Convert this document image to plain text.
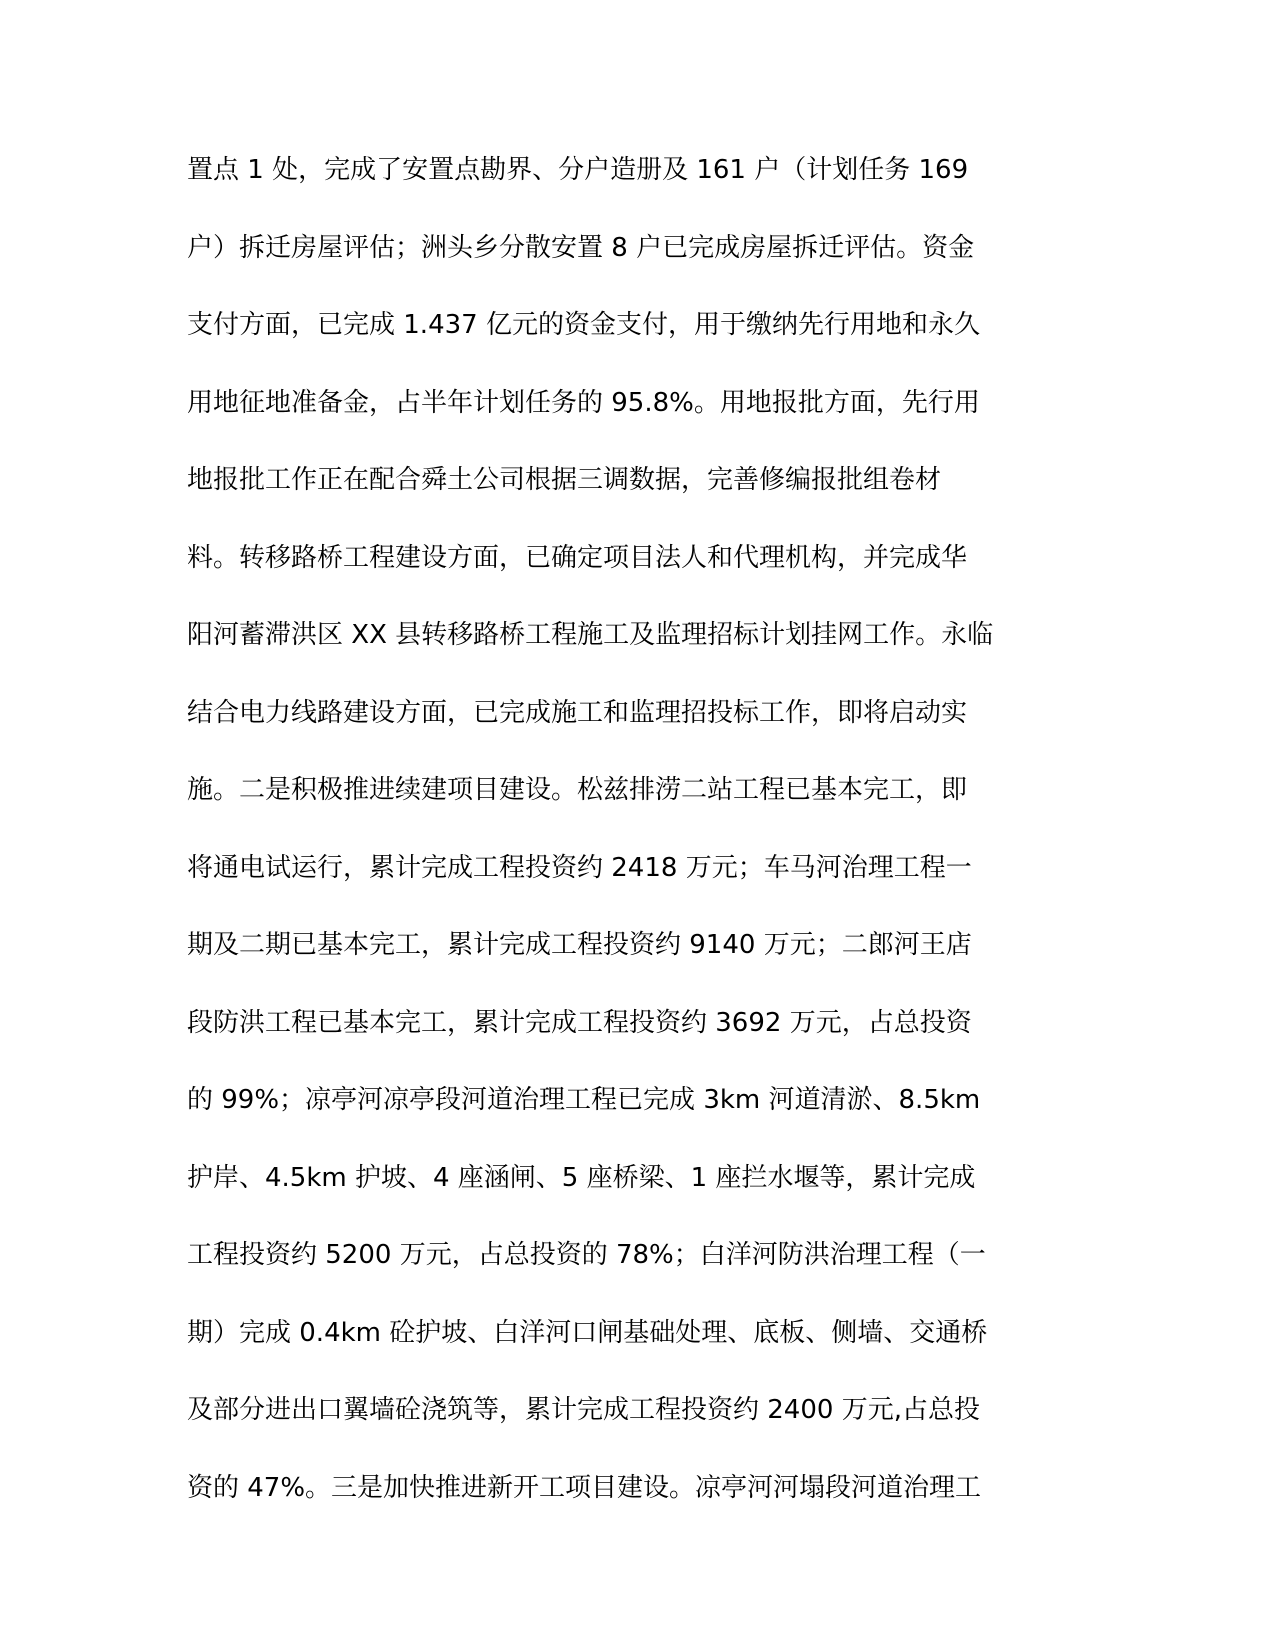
置点 1 处，完成了安置点勘界、分户造册及 161 户（计划任务 169
户）拆迁房屋评估；洲头乡分散安置 8 户已完成房屋拆迁评估。资金
支付方面，已完成 1.437 亿元的资金支付，用于缴纳先行用地和永久
用地征地准备金，占半年计划任务的 95.8%。用地报批方面，先行用
地报批工作正在配合舜土公司根据三调数据，完善修编报批组卷材
料。转移路桥工程建设方面，已确定项目法人和代理机构，并完成华
阳河蓄滞洪区 XX 县转移路桥工程施工及监理招标计划挂网工作。永临
结合电力线路建设方面，已完成施工和监理招投标工作，即将启动实
施。二是积极推进续建项目建设。松兹排涝二站工程已基本完工，即
将通电试运行，累计完成工程投资约 2418 万元；车马河治理工程一
期及二期已基本完工，累计完成工程投资约 9140 万元；二郎河王店
段防洪工程已基本完工，累计完成工程投资约 3692 万元，占总投资
的 99%；凉亭河凉亭段河道治理工程已完成 3km 河道清淤、8.5km
护岸、4.5km 护坡、4 座涵闸、5 座桥梁、1 座拦水堰等，累计完成
工程投资约 5200 万元，占总投资的 78%；白洋河防洪治理工程（一
期）完成 0.4km 砼护坡、白洋河口闸基础处理、底板、侧墙、交通桥
及部分进出口翼墙砼浇筑等，累计完成工程投资约 2400 万元,占总投
资的 47%。三是加快推进新开工项目建设。凉亭河河塌段河道治理工
